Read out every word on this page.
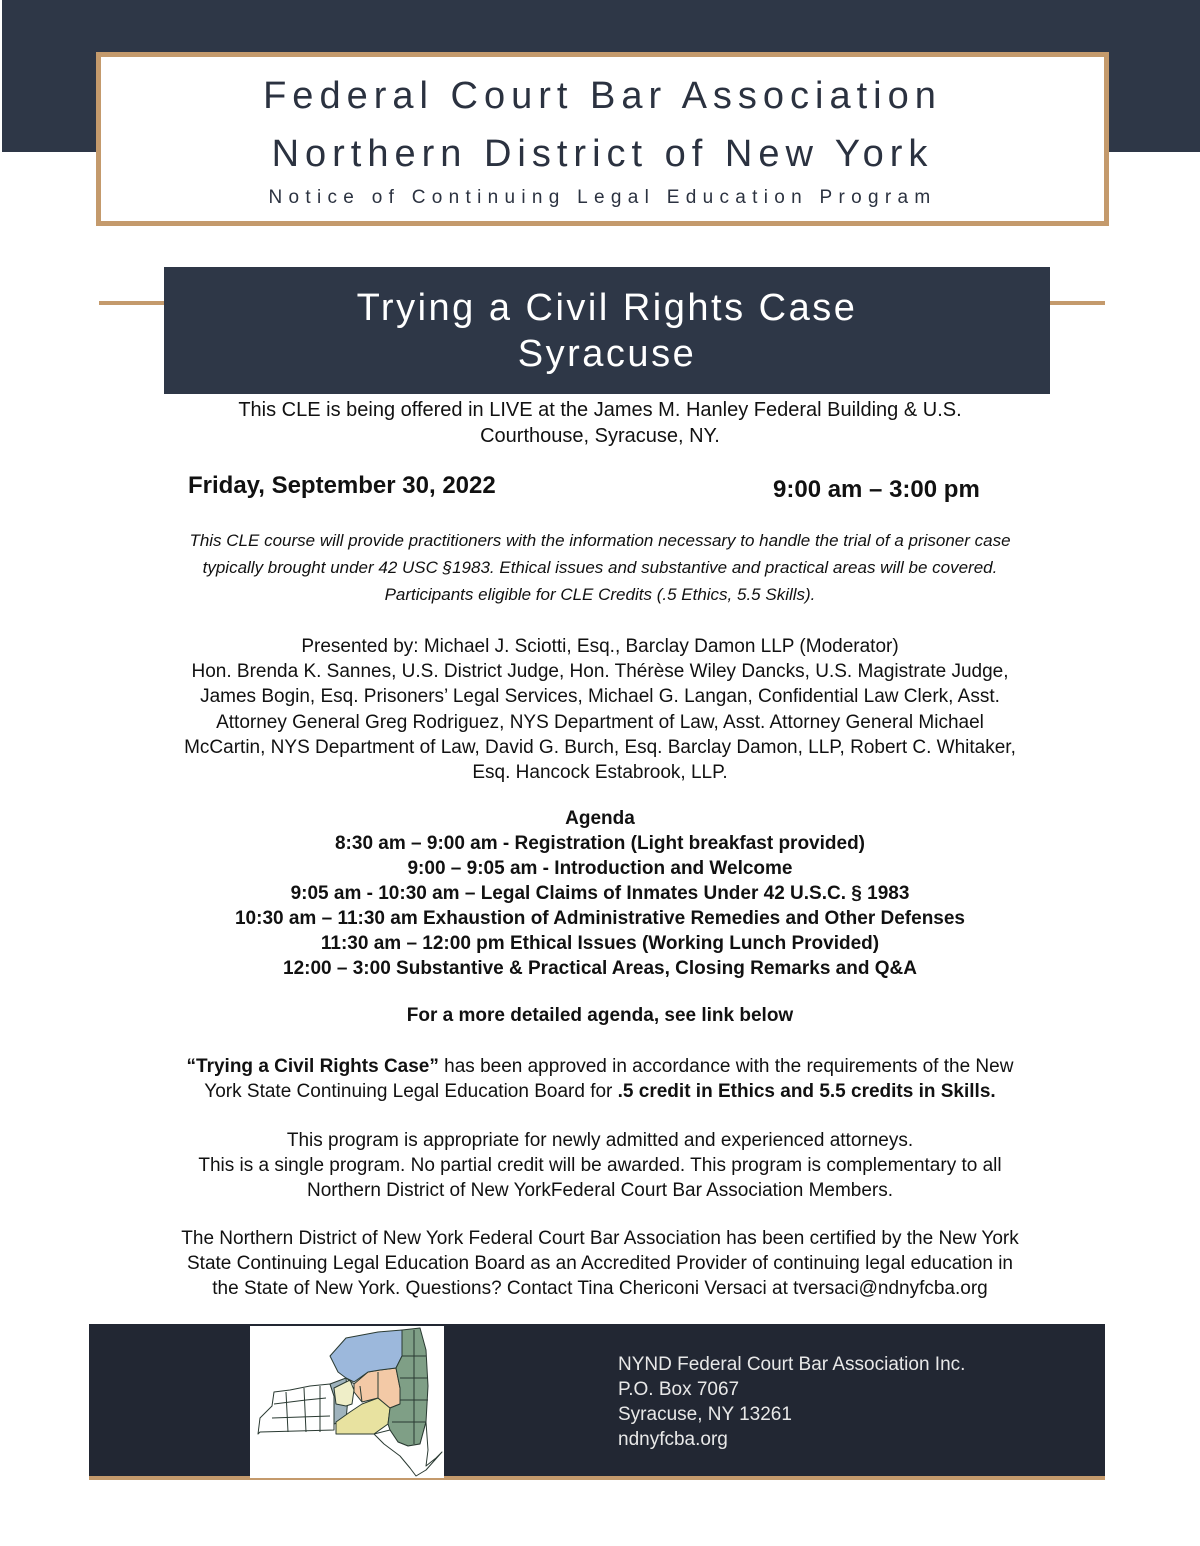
Federal Court Bar Association
Northern District of New York
Notice of Continuing Legal Education Program
Trying a Civil Rights Case
Syracuse
This CLE is being offered in LIVE at the James M. Hanley Federal Building & U.S.
Courthouse, Syracuse, NY.
Friday, September 30, 2022	9:00 am – 3:00 pm
This CLE course will provide practitioners with the information necessary to handle the trial of a prisoner case
typically brought under 42 USC §1983. Ethical issues and substantive and practical areas will be covered.
Participants eligible for CLE Credits (.5 Ethics, 5.5 Skills).
Presented by: Michael J. Sciotti, Esq., Barclay Damon LLP (Moderator)
Hon. Brenda K. Sannes, U.S. District Judge, Hon. Thérèse Wiley Dancks, U.S. Magistrate Judge,
James Bogin, Esq. Prisoners’ Legal Services, Michael G. Langan, Confidential Law Clerk, Asst.
Attorney General Greg Rodriguez, NYS Department of Law, Asst. Attorney General Michael
McCartin, NYS Department of Law, David G. Burch, Esq. Barclay Damon, LLP, Robert C. Whitaker,
Esq. Hancock Estabrook, LLP.
Agenda
8:30 am – 9:00 am - Registration (Light breakfast provided)
9:00 – 9:05 am - Introduction and Welcome
9:05 am - 10:30 am – Legal Claims of Inmates Under 42 U.S.C. § 1983
10:30 am – 11:30 am Exhaustion of Administrative Remedies and Other Defenses
11:30 am – 12:00 pm Ethical Issues (Working Lunch Provided)
12:00 – 3:00 Substantive & Practical Areas, Closing Remarks and Q&A
For a more detailed agenda, see link below
“Trying a Civil Rights Case” has been approved in accordance with the requirements of the New
York State Continuing Legal Education Board for .5 credit in Ethics and 5.5 credits in Skills.
This program is appropriate for newly admitted and experienced attorneys.
This is a single program. No partial credit will be awarded. This program is complementary to all
Northern District of New YorkFederal Court Bar Association Members.
The Northern District of New York Federal Court Bar Association has been certified by the New York
State Continuing Legal Education Board as an Accredited Provider of continuing legal education in
the State of New York. Questions? Contact Tina Chericoni Versaci at tversaci@ndnyfcba.org
NYND Federal Court Bar Association Inc.
P.O. Box 7067
Syracuse, NY 13261
ndnyfcba.org
